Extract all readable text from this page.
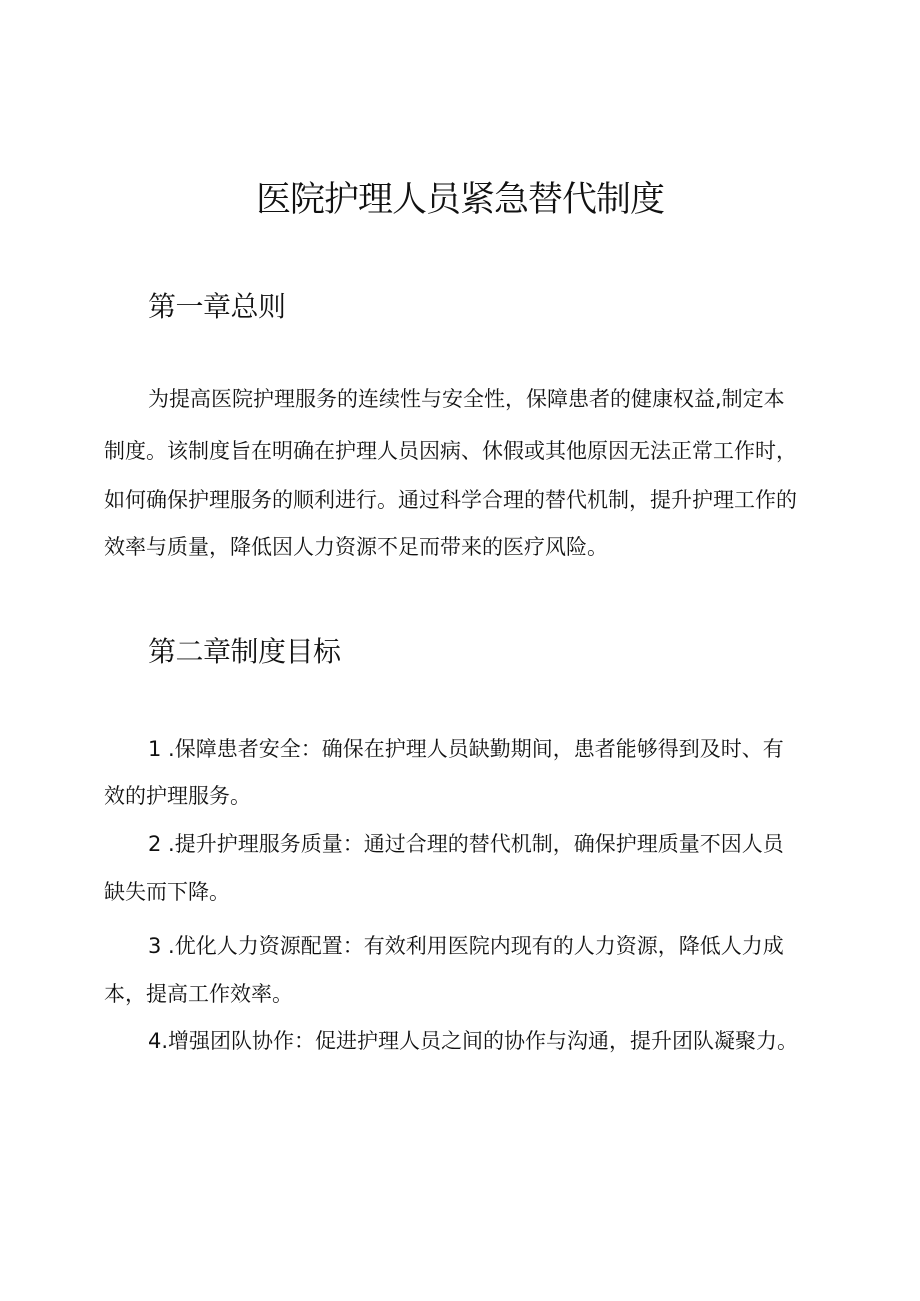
医院护理人员紧急替代制度
第一章总则
为提高医院护理服务的连续性与安全性，保障患者的健康权益,制定本
制度。该制度旨在明确在护理人员因病、休假或其他原因无法正常工作时，
如何确保护理服务的顺利进行。通过科学合理的替代机制，提升护理工作的
效率与质量，降低因人力资源不足而带来的医疗风险。
第二章制度目标
1 .保障患者安全：确保在护理人员缺勤期间，患者能够得到及时、有
效的护理服务。
2 .提升护理服务质量：通过合理的替代机制，确保护理质量不因人员
缺失而下降。
3 .优化人力资源配置：有效利用医院内现有的人力资源，降低人力成
本，提高工作效率。
4.增强团队协作：促进护理人员之间的协作与沟通，提升团队凝聚力。
